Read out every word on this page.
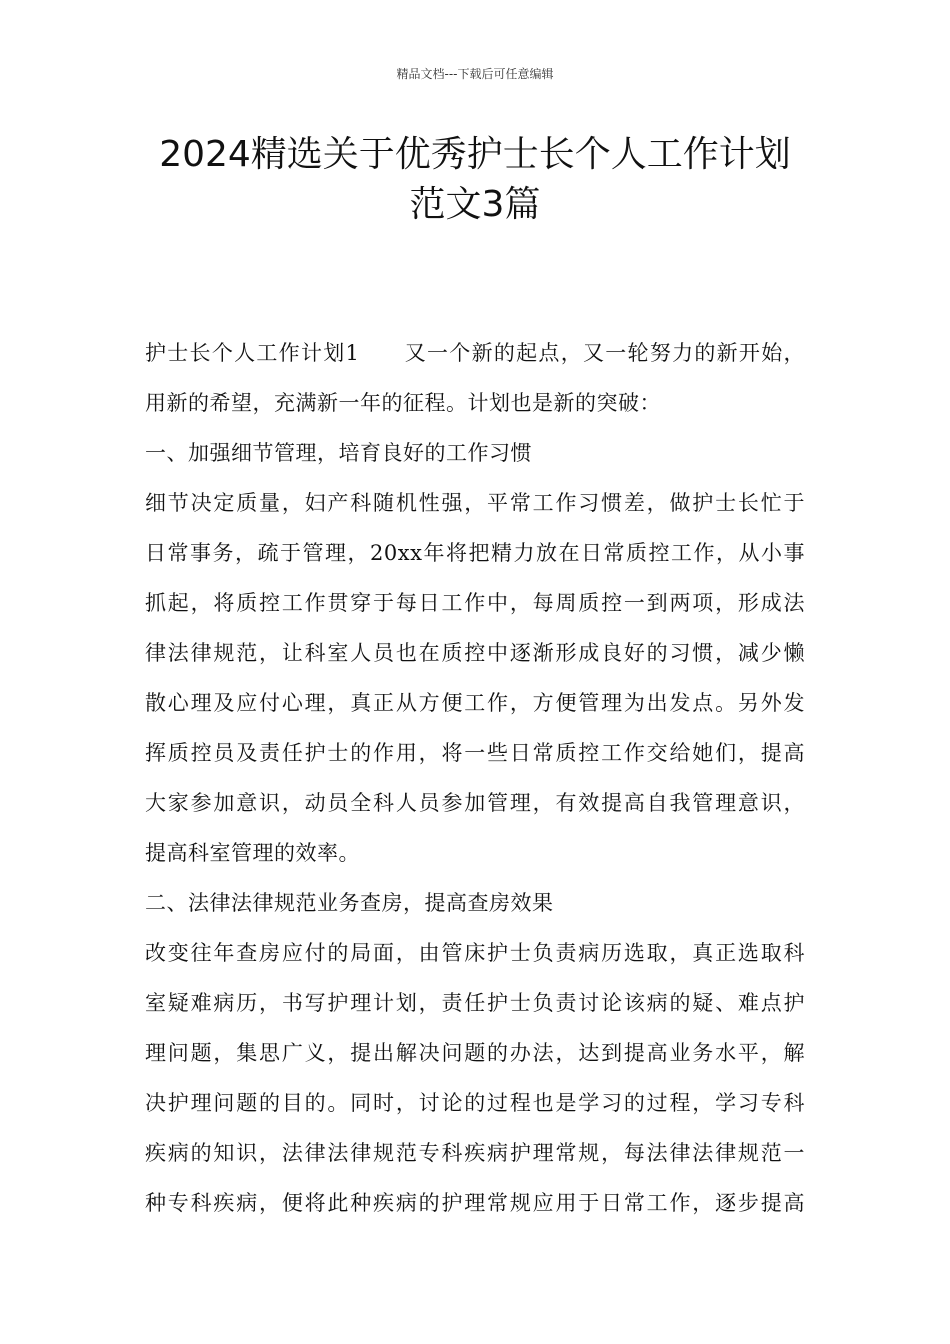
精品文档---下载后可任意编辑
2024精选关于优秀护士长个人工作计划
范文3篇
护士长个人工作计划1　　又一个新的起点，又一轮努力的新开始，
用新的希望，充满新一年的征程。计划也是新的突破：
一、加强细节管理，培育良好的工作习惯
细节决定质量，妇产科随机性强，平常工作习惯差，做护士长忙于
日常事务，疏于管理，20xx年将把精力放在日常质控工作，从小事
抓起，将质控工作贯穿于每日工作中，每周质控一到两项，形成法
律法律规范，让科室人员也在质控中逐渐形成良好的习惯，减少懒
散心理及应付心理，真正从方便工作，方便管理为出发点。另外发
挥质控员及责任护士的作用，将一些日常质控工作交给她们，提高
大家参加意识，动员全科人员参加管理，有效提高自我管理意识，
提高科室管理的效率。
二、法律法律规范业务查房，提高查房效果
改变往年查房应付的局面，由管床护士负责病历选取，真正选取科
室疑难病历，书写护理计划，责任护士负责讨论该病的疑、难点护
理问题，集思广义，提出解决问题的办法，达到提高业务水平，解
决护理问题的目的。同时，讨论的过程也是学习的过程，学习专科
疾病的知识，法律法律规范专科疾病护理常规，每法律法律规范一
种专科疾病，便将此种疾病的护理常规应用于日常工作，逐步提高
